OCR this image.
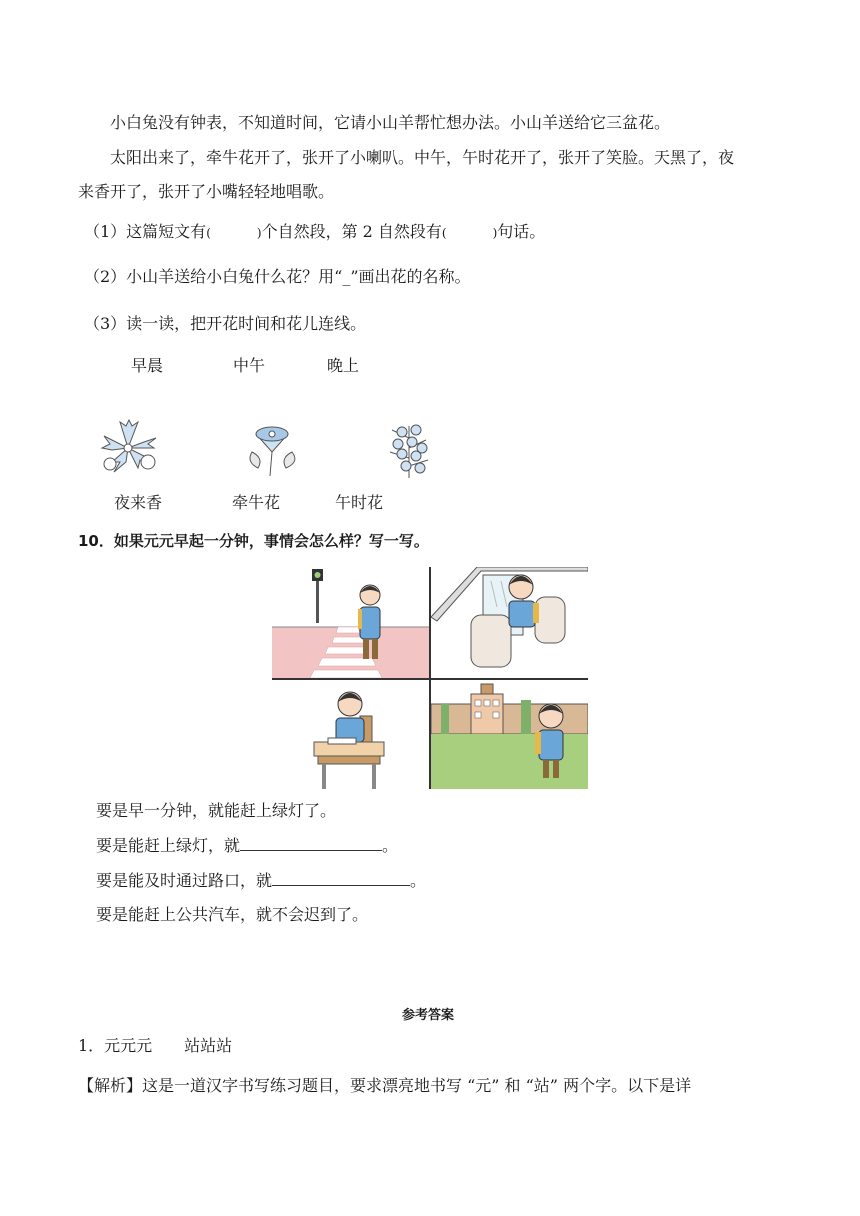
小白兔没有钟表，不知道时间，它请小山羊帮忙想办法。小山羊送给它三盆花。
太阳出来了，牵牛花开了，张开了小喇叭。中午，午时花开了，张开了笑脸。天黑了，夜
来香开了，张开了小嘴轻轻地唱歌。
（1）这篇短文有(	)个自然段，第 2 自然段有(	)句话。
（2）小山羊送给小白兔什么花？用“_”画出花的名称。
（3）读一读，把开花时间和花儿连线。
早晨	中午	晚上
夜来香	牵牛花	午时花
10．如果元元早起一分钟，事情会怎么样？写一写。
要是早一分钟，就能赶上绿灯了。
要是能赶上绿灯，就	。
要是能及时通过路口，就	。
要是能赶上公共汽车，就不会迟到了。
参考答案
1．元元元　　站站站
【解析】这是一道汉字书写练习题目，要求漂亮地书写 “元” 和 “站” 两个字。以下是详
